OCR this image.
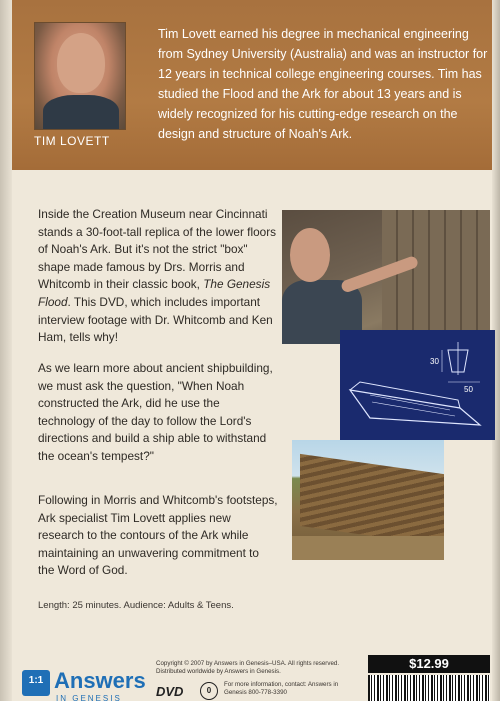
TIM LOVETT
Tim Lovett earned his degree in mechanical engineering from Sydney University (Australia) and was an instructor for 12 years in technical college engineering courses. Tim has studied the Flood and the Ark for about 13 years and is widely recognized for his cutting-edge research on the design and structure of Noah's Ark.
Inside the Creation Museum near Cincinnati stands a 30-foot-tall replica of the lower floors of Noah's Ark. But it's not the strict "box" shape made famous by Drs. Morris and Whitcomb in their classic book, The Genesis Flood. This DVD, which includes important interview footage with Dr. Whitcomb and Ken Ham, tells why!
As we learn more about ancient shipbuilding, we must ask the question, "When Noah constructed the Ark, did he use the technology of the day to follow the Lord's directions and build a ship able to withstand the ocean's tempest?"
Following in Morris and Whitcomb's footsteps, Ark specialist Tim Lovett applies new research to the contours of the Ark while maintaining an unwavering commitment to the Word of God.
Length: 25 minutes. Audience: Adults & Teens.
30
50
1:1 Answers
IN GENESIS
Copyright © 2007 by Answers in Genesis–USA. All rights reserved. Distributed worldwide by Answers in Genesis.
DVD	0
For more information, contact: Answers in Genesis 800-778-3390
$12.99
